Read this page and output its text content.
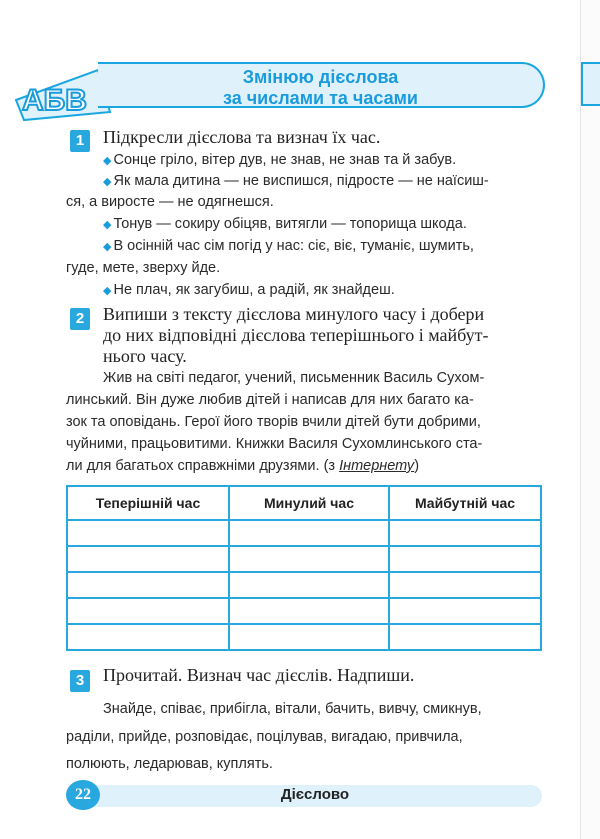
АБВ
Змінюю дієслова
за числами та часами
1	Підкресли дієслова та визнач їх час.
◆ Сонце гріло, вітер дув, не знав, не знав та й забув.
◆ Як мала дитина — не виспишся, підросте — не наїсиш-
ся, а виросте — не одягнешся.
◆ Тонув — сокиру обіцяв, витягли — топорища шкода.
◆ В осінній час сім погід у нас: сіє, віє, туманіє, шумить,
гуде, мете, зверху йде.
◆ Не плач, як загубиш, а радій, як знайдеш.
2	Випиши з тексту дієслова минулого часу і добери
до них відповідні дієслова теперішнього і майбут-
нього часу.
Жив на світі педагог, учений, письменник Василь Сухом-
линський. Він дуже любив дітей і написав для них багато ка-
зок та оповідань. Герої його творів вчили дітей бути добрими,
чуйними, працьовитими. Книжки Василя Сухомлинського ста-
ли для багатьох справжніми друзями. (з Інтернету)
Теперішній час	Минулий час	Майбутній час

3	Прочитай. Визнач час дієслів. Надпиши.
Знайде, співає, прибігла, вітали, бачить, вивчу, смикнув,
раділи, прийде, розповідає, поцілував, вигадаю, привчила,
полюють, ледарював, куплять.
Дієслово
22
